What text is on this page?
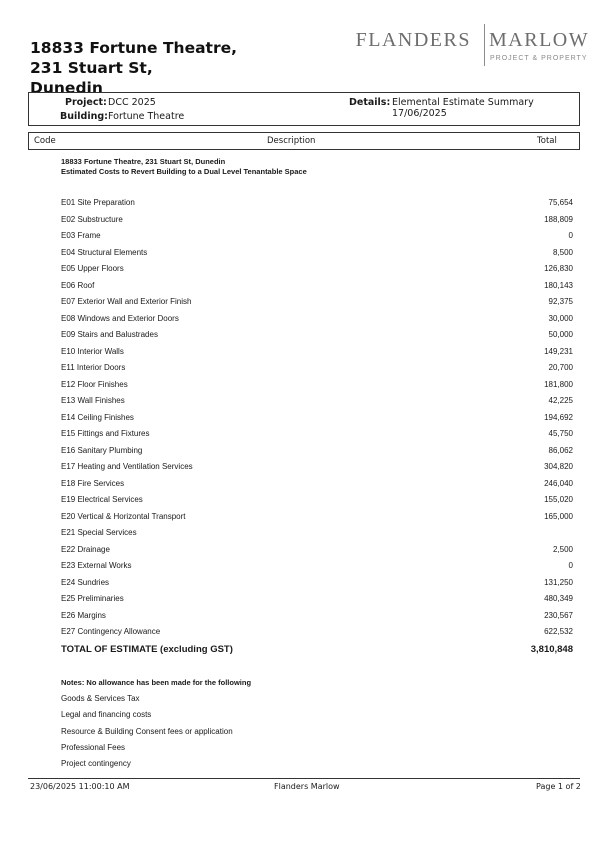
18833 Fortune Theatre,
231 Stuart St,
Dunedin
FLANDERS MARLOW
PROJECT & PROPERTY
Project: DCC 2025
Building: Fortune Theatre
Details: Elemental Estimate Summary 17/06/2025
Code	Description	Total
18833 Fortune Theatre, 231 Stuart St, Dunedin
Estimated Costs to Revert Building to a Dual Level Tenantable Space
E01 Site Preparation	75,654
E02 Substructure	188,809
E03 Frame	0
E04 Structural Elements	8,500
E05 Upper Floors	126,830
E06 Roof	180,143
E07 Exterior Wall and Exterior Finish	92,375
E08 Windows and Exterior Doors	30,000
E09 Stairs and Balustrades	50,000
E10 Interior Walls	149,231
E11 Interior Doors	20,700
E12 Floor Finishes	181,800
E13 Wall Finishes	42,225
E14 Ceiling Finishes	194,692
E15 Fittings and Fixtures	45,750
E16 Sanitary Plumbing	86,062
E17 Heating and Ventilation Services	304,820
E18 Fire Services	246,040
E19 Electrical Services	155,020
E20 Vertical & Horizontal Transport	165,000
E21 Special Services
E22 Drainage	2,500
E23 External Works	0
E24 Sundries	131,250
E25 Preliminaries	480,349
E26 Margins	230,567
E27 Contingency Allowance	622,532
TOTAL OF ESTIMATE (excluding GST)	3,810,848
Notes: No allowance has been made for the following
Goods & Services Tax
Legal and financing costs
Resource & Building Consent fees or application
Professional Fees
Project contingency
23/06/2025 11:00:10 AM	Flanders Marlow	Page 1 of 2
